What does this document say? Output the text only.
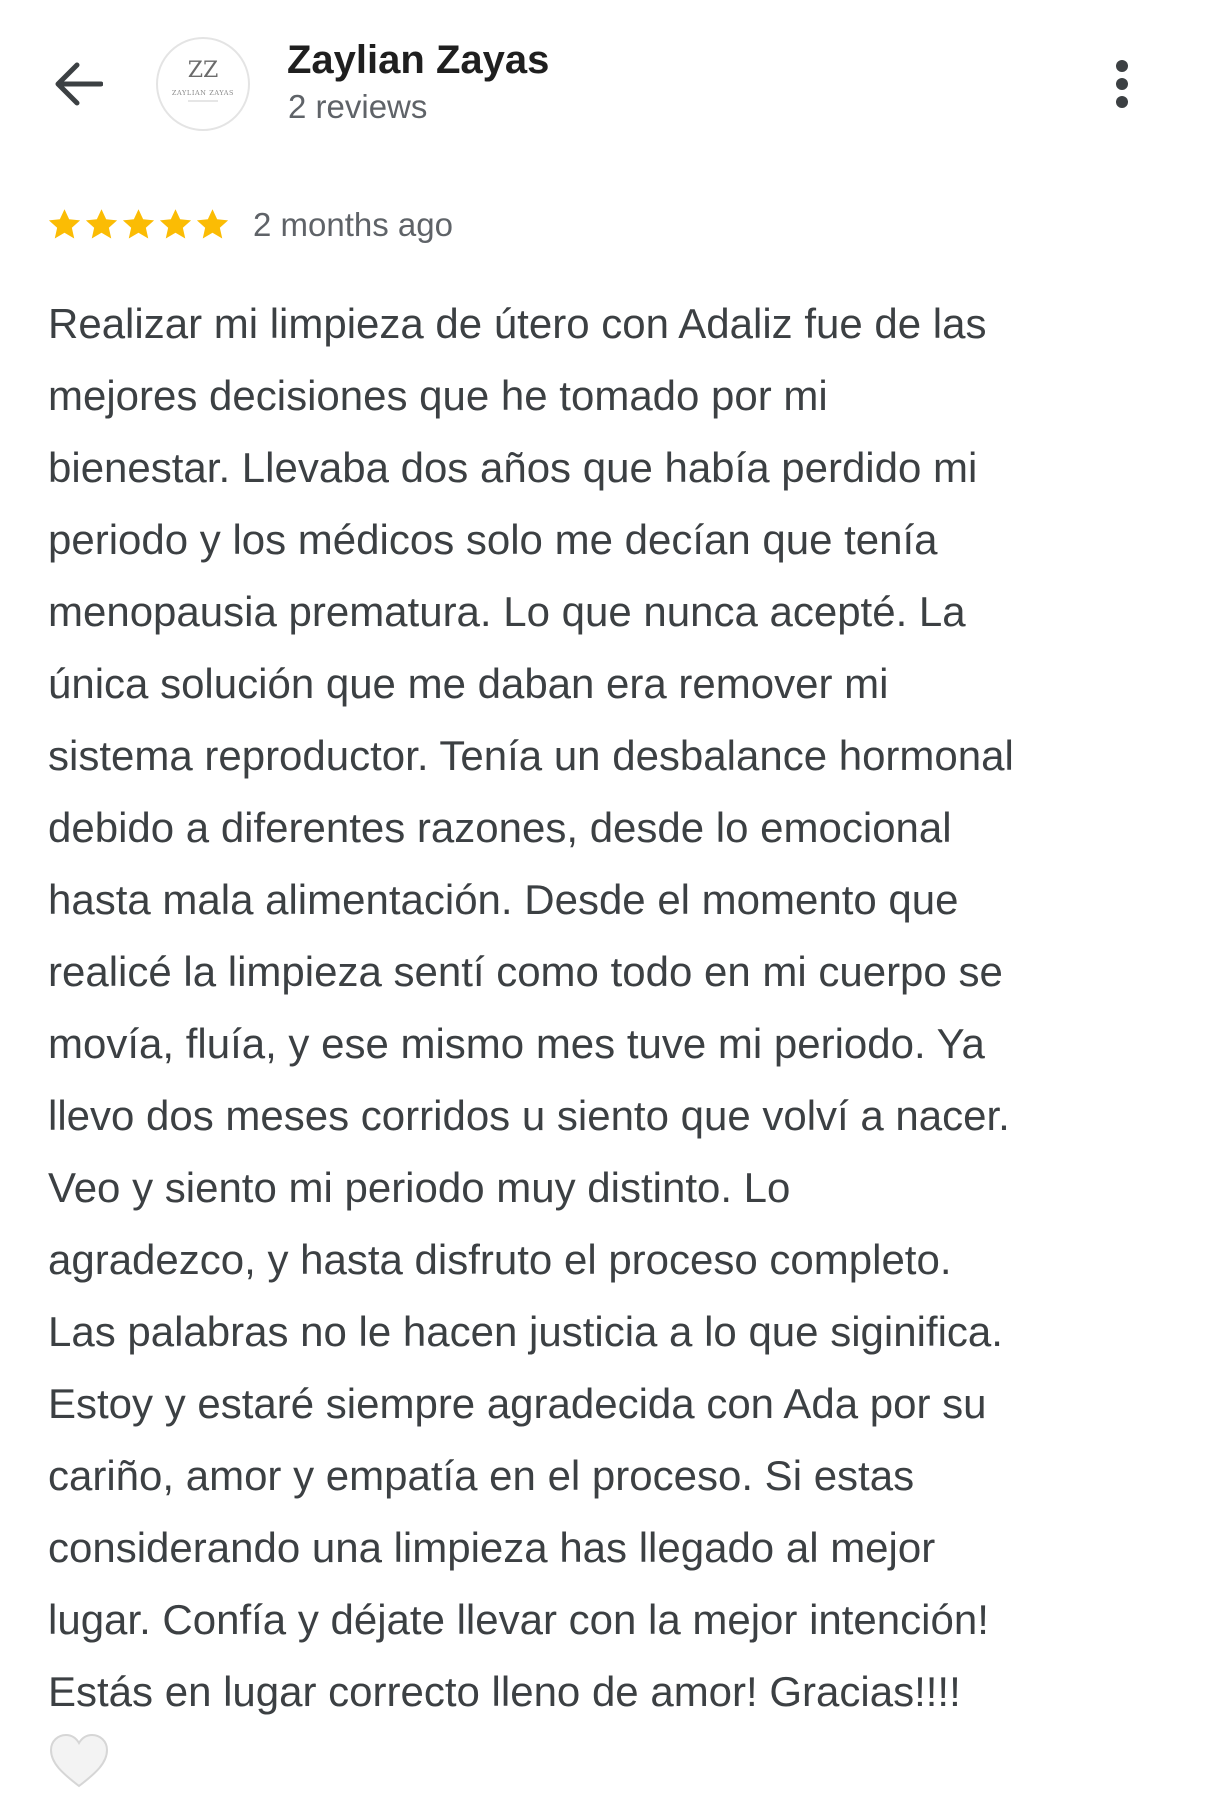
ZZ
ZAYLIAN ZAYAS
Zaylian Zayas
2 reviews
2 months ago

Realizar mi limpieza de útero con Adaliz fue de las
mejores decisiones que he tomado por mi
bienestar. Llevaba dos años que había perdido mi
periodo y los médicos solo me decían que tenía
menopausia prematura. Lo que nunca acepté. La
única solución que me daban era remover mi
sistema reproductor. Tenía un desbalance hormonal
debido a diferentes razones, desde lo emocional
hasta mala alimentación. Desde el momento que
realicé la limpieza sentí como todo en mi cuerpo se
movía, fluía, y ese mismo mes tuve mi periodo. Ya
llevo dos meses corridos u siento que volví a nacer.
Veo y siento mi periodo muy distinto. Lo
agradezco, y hasta disfruto el proceso completo.
Las palabras no le hacen justicia a lo que siginifica.
Estoy y estaré siempre agradecida con Ada por su
cariño, amor y empatía en el proceso. Si estas
considerando una limpieza has llegado al mejor
lugar. Confía y déjate llevar con la mejor intención!
Estás en lugar correcto lleno de amor! Gracias!!!!
